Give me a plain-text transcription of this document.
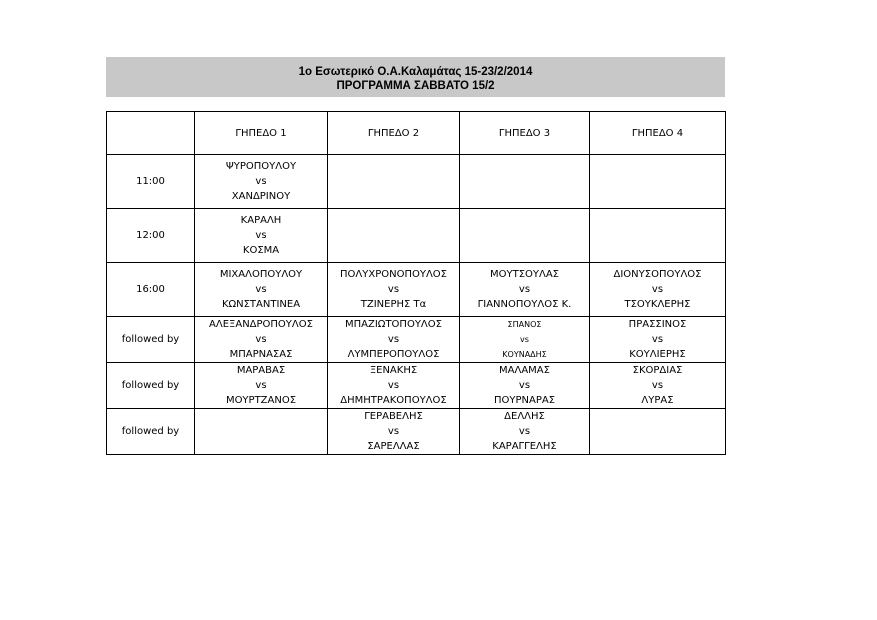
1ο Εσωτερικό Ο.Α.Καλαμάτας 15-23/2/2014
ΠΡΟΓΡΑΜΜΑ ΣΑΒΒΑΤΟ 15/2
	ΓΗΠΕΔΟ 1	ΓΗΠΕΔΟ 2	ΓΗΠΕΔΟ 3	ΓΗΠΕΔΟ 4
11:00	ΨΥΡΟΠΟΥΛΟΥ
vs
ΧΑΝΔΡΙΝΟΥ			

12:00	ΚΑΡΑΛΗ
vs
ΚΟΣΜΑ			

16:00	ΜΙΧΑΛΟΠΟΥΛΟΥ
vs
ΚΩΝΣΤΑΝΤΙΝΕΑ	ΠΟΛΥΧΡΟΝΟΠΟΥΛΟΣ
vs
ΤΖΙΝΕΡΗΣ Τα	ΜΟΥΤΣΟΥΛΑΣ
vs
ΓΙΑΝΝΟΠΟΥΛΟΣ Κ.	ΔΙΟΝΥΣΟΠΟΥΛΟΣ
vs
ΤΣΟΥΚΛΕΡΗΣ

followed by	ΑΛΕΞΑΝΔΡΟΠΟΥΛΟΣ
vs
ΜΠΑΡΝΑΣΑΣ	ΜΠΑΖΙΩΤΟΠΟΥΛΟΣ
vs
ΛΥΜΠΕΡΟΠΟΥΛΟΣ	ΣΠΑΝΟΣ
vs
ΚΟΥΝΑΔΗΣ	ΠΡΑΣΣΙΝΟΣ
vs
ΚΟΥΛΙΕΡΗΣ

followed by	ΜΑΡΑΒΑΣ
vs
ΜΟΥΡΤΖΑΝΟΣ	ΞΕΝΑΚΗΣ
vs
ΔΗΜΗΤΡΑΚΟΠΟΥΛΟΣ	ΜΑΛΑΜΑΣ
vs
ΠΟΥΡΝΑΡΑΣ	ΣΚΟΡΔΙΑΣ
vs
ΛΥΡΑΣ

followed by		ΓΕΡΑΒΕΛΗΣ
vs
ΣΑΡΕΛΛΑΣ	ΔΕΛΛΗΣ
vs
ΚΑΡΑΓΓΕΛΗΣ	
